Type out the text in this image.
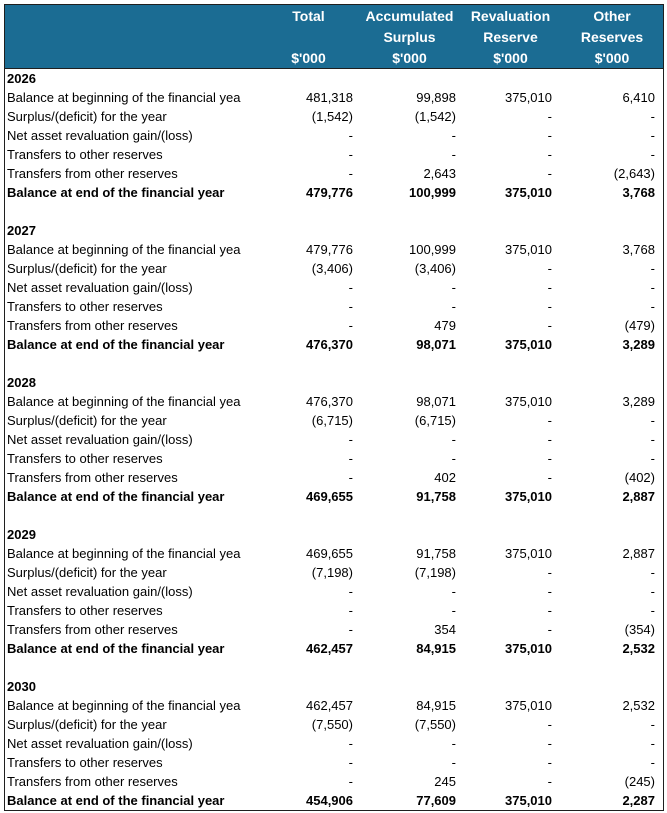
	Total	Accumulated	Revaluation	Other
		Surplus	Reserve	Reserves
	$'000	$'000	$'000	$'000
2026				
Balance at beginning of the financial yea	481,318	99,898	375,010	6,410
Surplus/(deficit) for the year	(1,542)	(1,542)	-	-
Net asset revaluation gain/(loss)	-	-	-	-
Transfers to other reserves	-	-	-	-
Transfers from other reserves	-	2,643	-	(2,643)
Balance at end of the financial year	479,776	100,999	375,010	3,768

2027				
Balance at beginning of the financial yea	479,776	100,999	375,010	3,768
Surplus/(deficit) for the year	(3,406)	(3,406)	-	-
Net asset revaluation gain/(loss)	-	-	-	-
Transfers to other reserves	-	-	-	-
Transfers from other reserves	-	479	-	(479)
Balance at end of the financial year	476,370	98,071	375,010	3,289

2028				
Balance at beginning of the financial yea	476,370	98,071	375,010	3,289
Surplus/(deficit) for the year	(6,715)	(6,715)	-	-
Net asset revaluation gain/(loss)	-	-	-	-
Transfers to other reserves	-	-	-	-
Transfers from other reserves	-	402	-	(402)
Balance at end of the financial year	469,655	91,758	375,010	2,887

2029				
Balance at beginning of the financial yea	469,655	91,758	375,010	2,887
Surplus/(deficit) for the year	(7,198)	(7,198)	-	-
Net asset revaluation gain/(loss)	-	-	-	-
Transfers to other reserves	-	-	-	-
Transfers from other reserves	-	354	-	(354)
Balance at end of the financial year	462,457	84,915	375,010	2,532

2030				
Balance at beginning of the financial yea	462,457	84,915	375,010	2,532
Surplus/(deficit) for the year	(7,550)	(7,550)	-	-
Net asset revaluation gain/(loss)	-	-	-	-
Transfers to other reserves	-	-	-	-
Transfers from other reserves	-	245	-	(245)
Balance at end of the financial year	454,906	77,609	375,010	2,287
